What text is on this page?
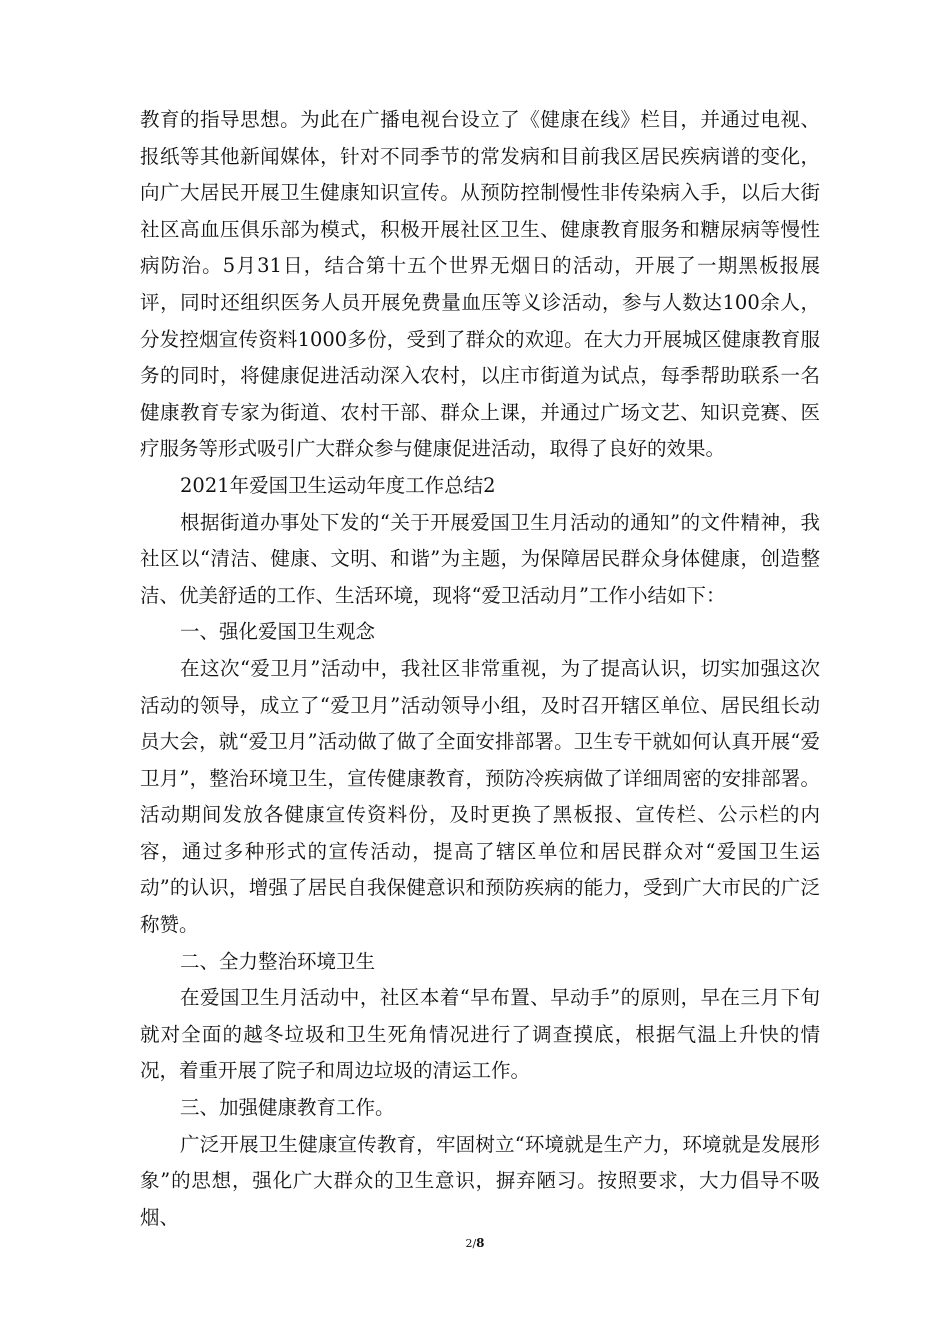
教育的指导思想。为此在广播电视台设立了《健康在线》栏目，并通过电视、报纸等其他新闻媒体，针对不同季节的常发病和目前我区居民疾病谱的变化，向广大居民开展卫生健康知识宣传。从预防控制慢性非传染病入手，以后大街社区高血压俱乐部为模式，积极开展社区卫生、健康教育服务和糖尿病等慢性病防治。5月31日，结合第十五个世界无烟日的活动，开展了一期黑板报展评，同时还组织医务人员开展免费量血压等义诊活动，参与人数达100余人，分发控烟宣传资料1000多份，受到了群众的欢迎。在大力开展城区健康教育服务的同时，将健康促进活动深入农村，以庄市街道为试点，每季帮助联系一名健康教育专家为街道、农村干部、群众上课，并通过广场文艺、知识竞赛、医疗服务等形式吸引广大群众参与健康促进活动，取得了良好的效果。

2021年爱国卫生运动年度工作总结2

根据街道办事处下发的“关于开展爱国卫生月活动的通知”的文件精神，我社区以“清洁、健康、文明、和谐”为主题，为保障居民群众身体健康，创造整洁、优美舒适的工作、生活环境，现将“爱卫活动月”工作小结如下：

一、强化爱国卫生观念

在这次“爱卫月”活动中，我社区非常重视，为了提高认识，切实加强这次活动的领导，成立了“爱卫月”活动领导小组，及时召开辖区单位、居民组长动员大会，就“爱卫月”活动做了做了全面安排部署。卫生专干就如何认真开展“爱卫月”，整治环境卫生，宣传健康教育，预防冷疾病做了详细周密的安排部署。活动期间发放各健康宣传资料份，及时更换了黑板报、宣传栏、公示栏的内容，通过多种形式的宣传活动，提高了辖区单位和居民群众对“爱国卫生运动”的认识，增强了居民自我保健意识和预防疾病的能力，受到广大市民的广泛称赞。

二、全力整治环境卫生

在爱国卫生月活动中，社区本着“早布置、早动手”的原则，早在三月下旬就对全面的越冬垃圾和卫生死角情况进行了调查摸底，根据气温上升快的情况，着重开展了院子和周边垃圾的清运工作。

三、加强健康教育工作。

广泛开展卫生健康宣传教育，牢固树立“环境就是生产力，环境就是发展形象”的思想，强化广大群众的卫生意识，摒弃陋习。按照要求，大力倡导不吸烟、

2/8
